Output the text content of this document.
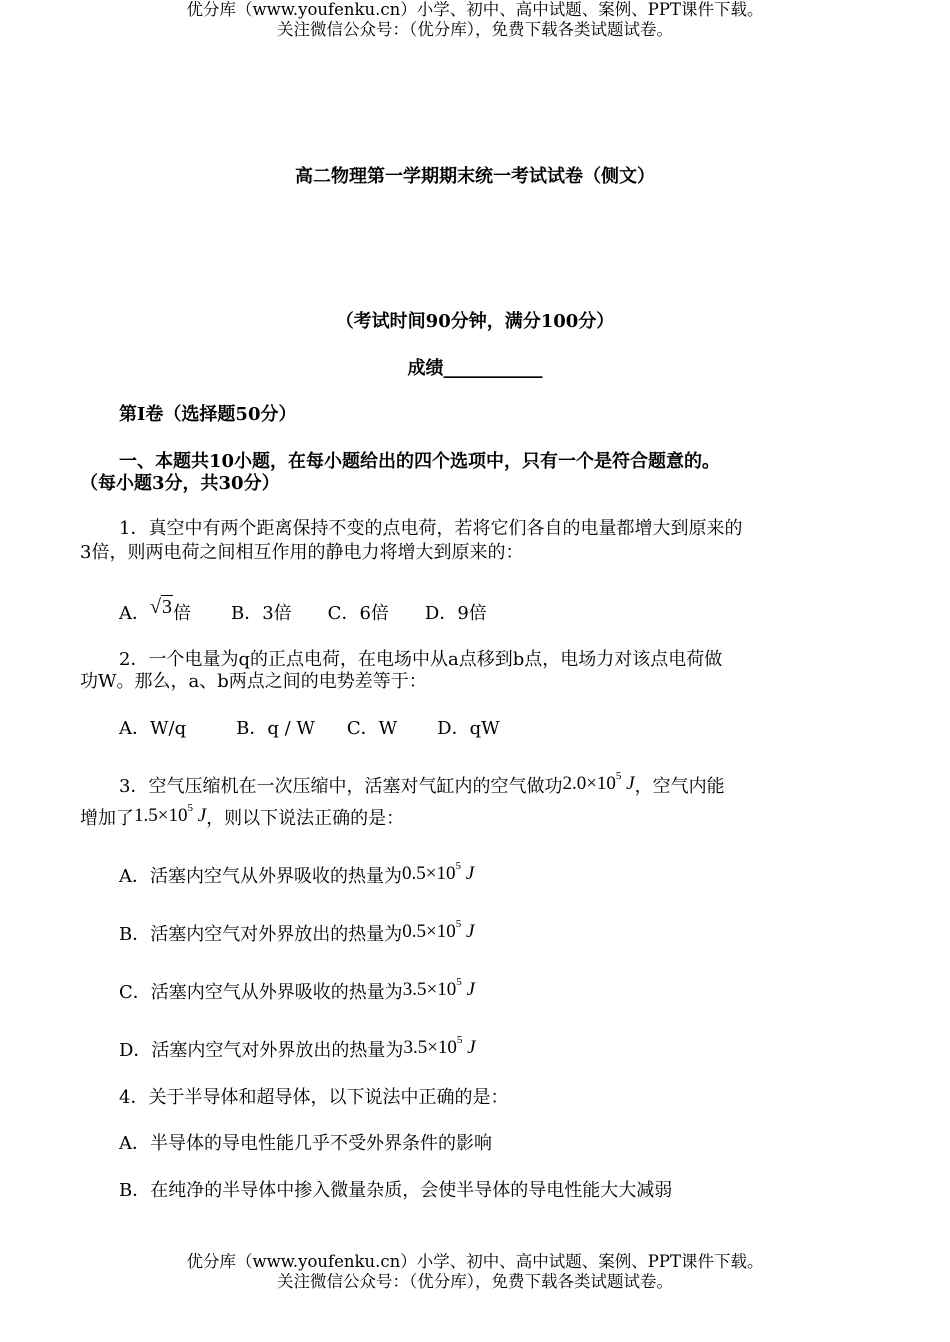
优分库（www.youfenku.cn）小学、初中、高中试题、案例、PPT课件下载。
关注微信公众号：（优分库），免费下载各类试题试卷。
高二物理第一学期期末统一考试试卷（侧文）
（考试时间90分钟，满分100分）
成绩___________
第Ⅰ卷（选择题50分）
一、本题共10小题，在每小题给出的四个选项中，只有一个是符合题意的。
（每小题3分，共30分）
1．真空中有两个距离保持不变的点电荷，若将它们各自的电量都增大到原来的
3倍，则两电荷之间相互作用的静电力将增大到原来的：
A．√3倍 B．3倍 C．6倍 D．9倍
2．一个电量为q的正点电荷，在电场中从a点移到b点，电场力对该点电荷做
功W。那么，a、b两点之间的电势差等于：
A．W/q	B．q / W C．W D．qW
3．空气压缩机在一次压缩中，活塞对气缸内的空气做功$2.0\times 10^5$ J，空气内能
增加了$1.5\times 10^5$ J，则以下说法正确的是：
A．活塞内空气从外界吸收的热量为$0.5\times 10^5$ J
B．活塞内空气对外界放出的热量为$0.5\times 10^5$ J
C．活塞内空气从外界吸收的热量为$3.5\times 10^5$ J
D．活塞内空气对外界放出的热量为$3.5\times 10^5$ J
4．关于半导体和超导体，以下说法中正确的是：
A．半导体的导电性能几乎不受外界条件的影响
B．在纯净的半导体中掺入微量杂质，会使半导体的导电性能大大减弱
优分库（www.youfenku.cn）小学、初中、高中试题、案例、PPT课件下载。
关注微信公众号：（优分库），免费下载各类试题试卷。
